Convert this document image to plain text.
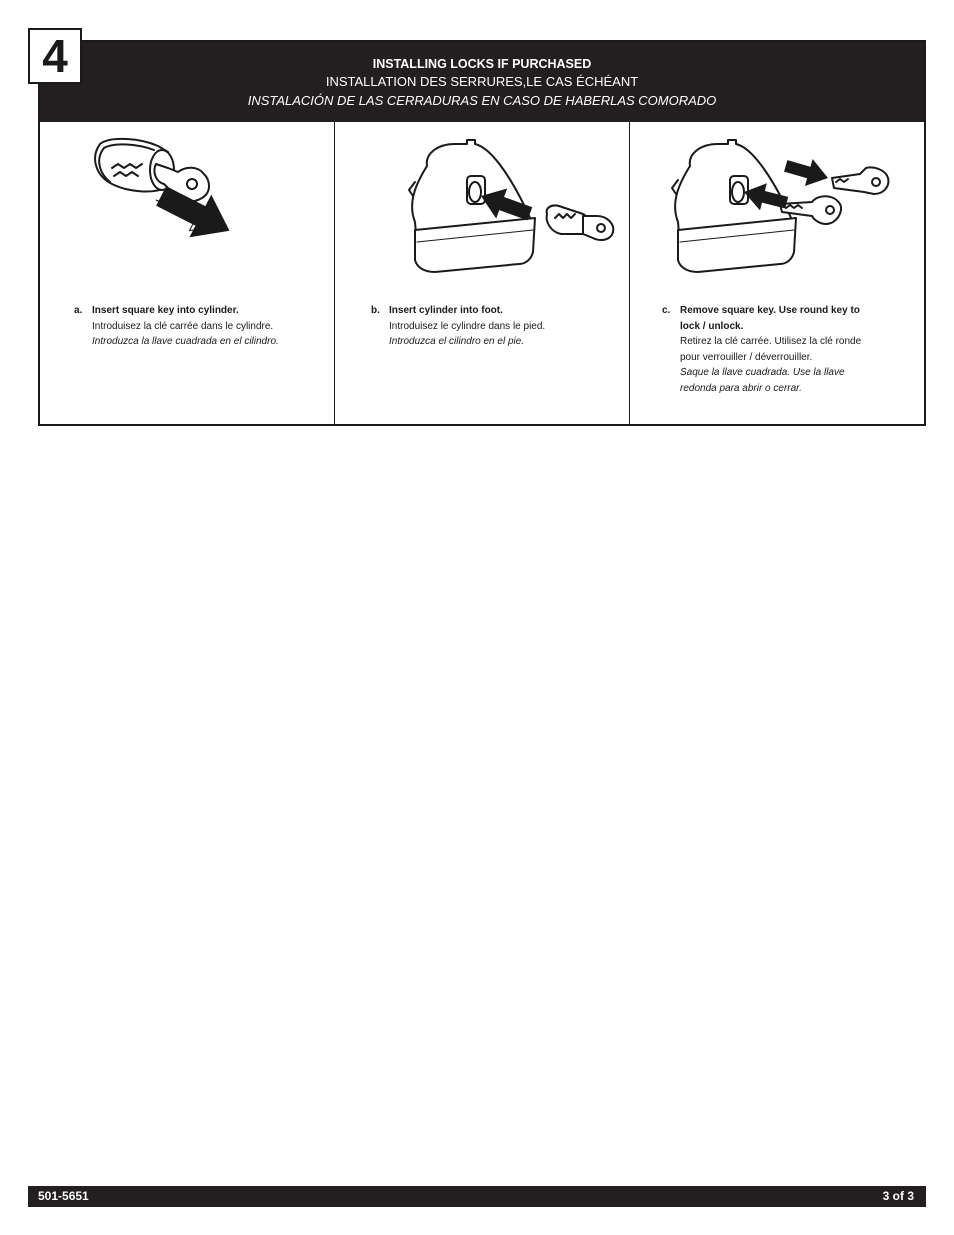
4	INSTALLING LOCKS IF PURCHASED
INSTALLATION DES SERRURES,LE CAS ÉCHÉANT
INSTALACIÓN DE LAS CERRADURAS EN CASO DE HABERLAS COMORADO
a. Insert square key into cylinder.
Introduisez la clé carrée dans le cylindre.
Introduzca la llave cuadrada en el cilindro.
b. Insert cylinder into foot.
Introduisez le cylindre dans le pied.
Introduzca el cilindro en el pie.
c. Remove square key. Use round key to lock / unlock.
Retirez la clé carrée. Utilisez la clé ronde pour verrouiller / déverrouiller.
Saque la llave cuadrada. Use la llave redonda para abrir o cerrar.
501-5651	3 of 3
